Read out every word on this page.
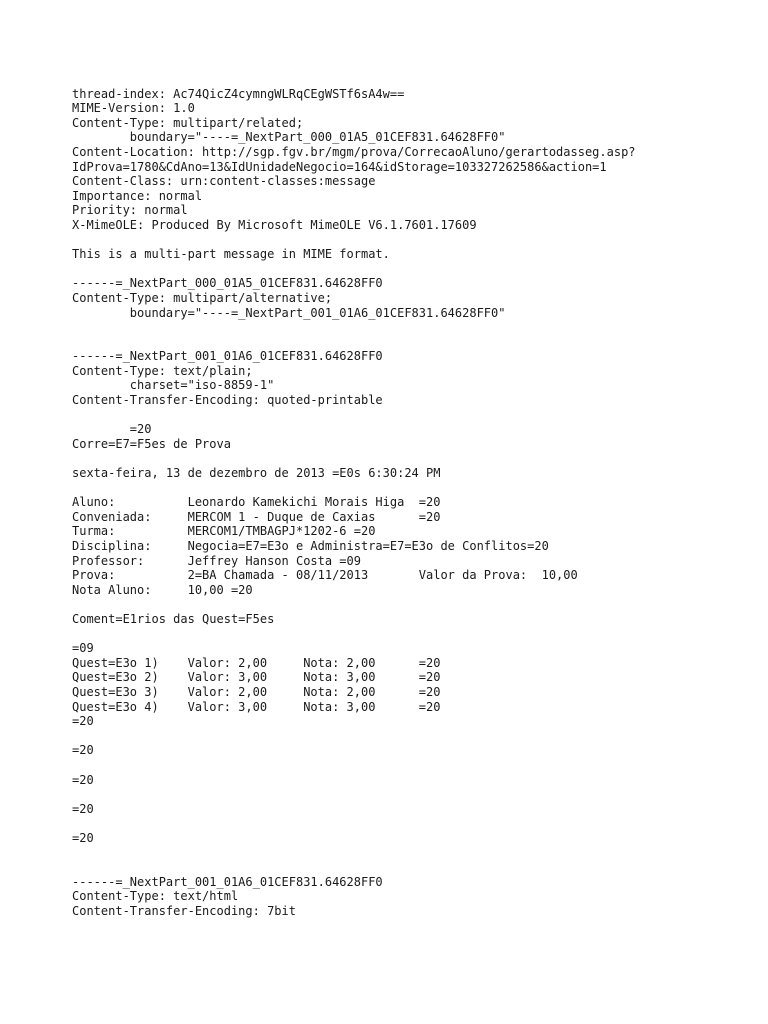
thread-index: Ac74QicZ4cymngWLRqCEgWSTf6sA4w==
MIME-Version: 1.0
Content-Type: multipart/related;
	boundary="----=_NextPart_000_01A5_01CEF831.64628FF0"
Content-Location: http://sgp.fgv.br/mgm/prova/CorrecaoAluno/gerartodasseg.asp?
IdProva=1780&CdAno=13&IdUnidadeNegocio=164&idStorage=103327262586&action=1
Content-Class: urn:content-classes:message
Importance: normal
Priority: normal
X-MimeOLE: Produced By Microsoft MimeOLE V6.1.7601.17609
This is a multi-part message in MIME format.
------=_NextPart_000_01A5_01CEF831.64628FF0
Content-Type: multipart/alternative;
	boundary="----=_NextPart_001_01A6_01CEF831.64628FF0"
------=_NextPart_001_01A6_01CEF831.64628FF0
Content-Type: text/plain;
	charset="iso-8859-1"
Content-Transfer-Encoding: quoted-printable
	=20
Corre=E7=F5es de Prova
sexta-feira, 13 de dezembro de 2013 =E0s 6:30:24 PM
Aluno:		Leonardo Kamekichi Morais Higa	=20
Conveniada:	MERCOM 1 - Duque de Caxias	=20
Turma:		MERCOM1/TMBAGPJ*1202-6 =20
Disciplina:	Negocia=E7=E3o e Administra=E7=E3o de Conflitos=20
Professor:	Jeffrey Hanson Costa =09
Prova:		2=BA Chamada - 08/11/2013	Valor da Prova:  10,00
Nota Aluno:	10,00 =20
Coment=E1rios das Quest=F5es
=09
Quest=E3o 1)	Valor: 2,00	Nota: 2,00	=20
Quest=E3o 2)	Valor: 3,00	Nota: 3,00	=20
Quest=E3o 3)	Valor: 2,00	Nota: 2,00	=20
Quest=E3o 4)	Valor: 3,00	Nota: 3,00	=20
=20
=20
=20
=20
=20
------=_NextPart_001_01A6_01CEF831.64628FF0
Content-Type: text/html
Content-Transfer-Encoding: 7bit
